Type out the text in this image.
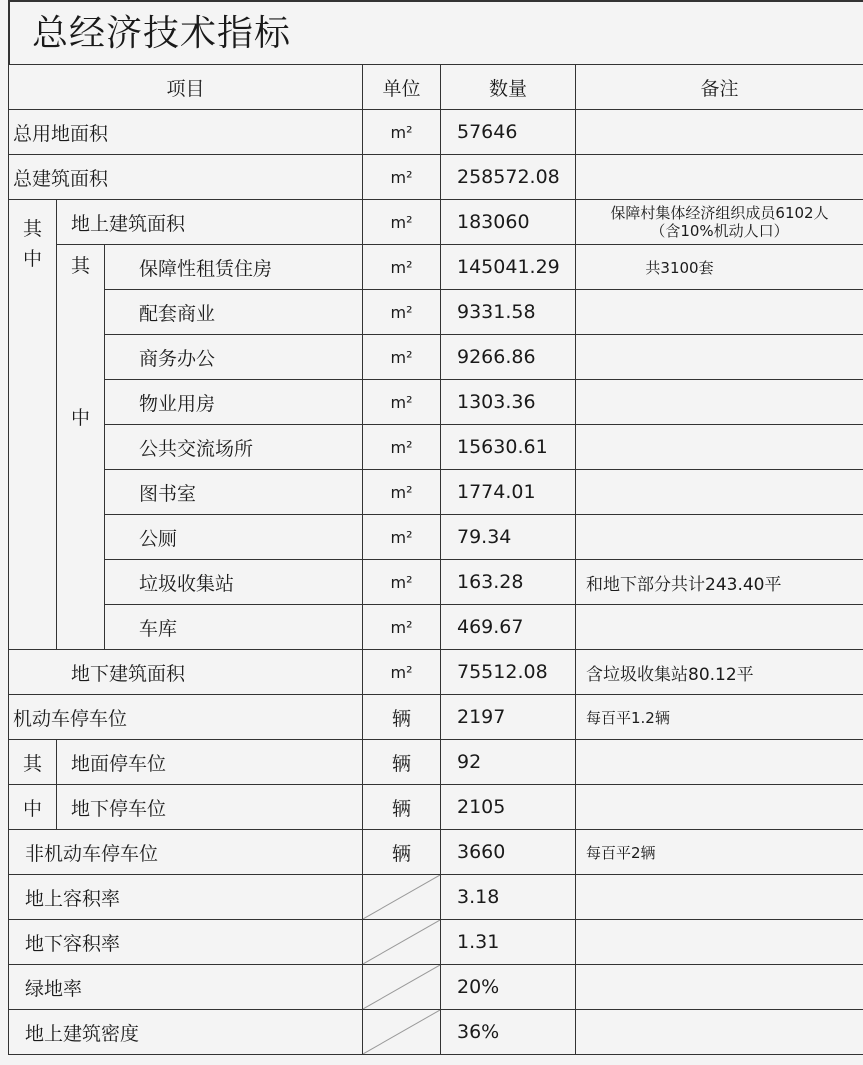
总经济技术指标
项目			单位	数量	备注
总用地面积			m²	57646	
总建筑面积			m²	258572.08	
其
中	地上建筑面积		m²	183060	保障村集体经济组织成员6102人
（含10%机动人口）

	其
中	保障性租赁住房	m²	145041.29	共3100套
		配套商业	m²	9331.58	
		商务办公	m²	9266.86	
		物业用房	m²	1303.36	
		公共交流场所	m²	15630.61	
		图书室	m²	1774.01	
		公厕	m²	79.34	
		垃圾收集站	m²	163.28	和地下部分共计243.40平
		车库	m²	469.67	
地下建筑面积			m²	75512.08	含垃圾收集站80.12平
机动车停车位			辆	2197	每百平1.2辆
其	地面停车位		辆	92	
中	地下停车位		辆	2105	
非机动车停车位			辆	3660	每百平2辆
地上容积率				3.18	
地下容积率				1.31	
绿地率				20%	
地上建筑密度				36%	
